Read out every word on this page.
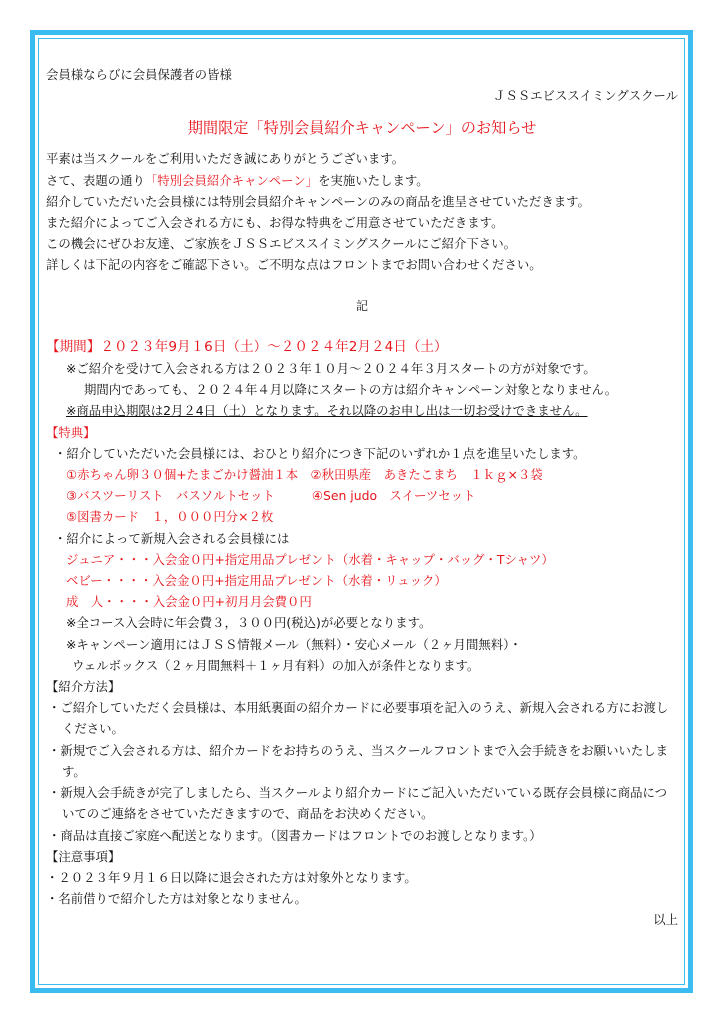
会員様ならびに会員保護者の皆様
ＪＳＳエビススイミングスクール
期間限定「特別会員紹介キャンペーン」のお知らせ
平素は当スクールをご利用いただき誠にありがとうございます。
さて、表題の通り「特別会員紹介キャンペーン」を実施いたします。
紹介していただいた会員様には特別会員紹介キャンペーンのみの商品を進呈させていただきます。
また紹介によってご入会される方にも、お得な特典をご用意させていただきます。
この機会にぜひお友達、ご家族をＪＳＳエビススイミングスクールにご紹介下さい。
詳しくは下記の内容をご確認下さい。ご不明な点はフロントまでお問い合わせください。
記
【期間】２０２３年9月１6日（土）～２０２４年2月２4日（土）
※ご紹介を受けて入会される方は２０２３年１０月～２０２４年３月スタートの方が対象です。
期間内であっても、２０２４年４月以降にスタートの方は紹介キャンペーン対象となりません。
※商品申込期限は2月２4日（土）となります。それ以降のお申し出は一切お受けできません。
【特典】
・紹介していただいた会員様には、おひとり紹介につき下記のいずれか１点を進呈いたします。
①赤ちゃん卵３０個+たまごかけ醤油１本　②秋田県産　あきたこまち　１ｋｇ×３袋
③バスツーリスト　バスソルトセット　　　④Sen judo　スイーツセット
⑤図書カード　１，０００円分×２枚
・紹介によって新規入会される会員様には
ジュニア・・・入会金０円+指定用品プレゼント（水着・キャップ・バッグ・Tシャツ）
ベビー・・・・入会金０円+指定用品プレゼント（水着・リュック）
成　人・・・・入会金０円+初月月会費０円
※全コース入会時に年会費３，３００円(税込)が必要となります。
※キャンペーン適用にはＪＳＳ情報メール（無料）・安心メール（２ヶ月間無料）・
ウェルボックス（２ヶ月間無料＋１ヶ月有料）の加入が条件となります。
【紹介方法】
・ご紹介していただく会員様は、本用紙裏面の紹介カードに必要事項を記入のうえ、新規入会される方にお渡しください。
・新規でご入会される方は、紹介カードをお持ちのうえ、当スクールフロントまで入会手続きをお願いいたします。
・新規入会手続きが完了しましたら、当スクールより紹介カードにご記入いただいている既存会員様に商品についてのご連絡をさせていただきますので、商品をお決めください。
・商品は直接ご家庭へ配送となります。（図書カードはフロントでのお渡しとなります。）
【注意事項】
・２０２３年９月１６日以降に退会された方は対象外となります。
・名前借りで紹介した方は対象となりません。
以上
